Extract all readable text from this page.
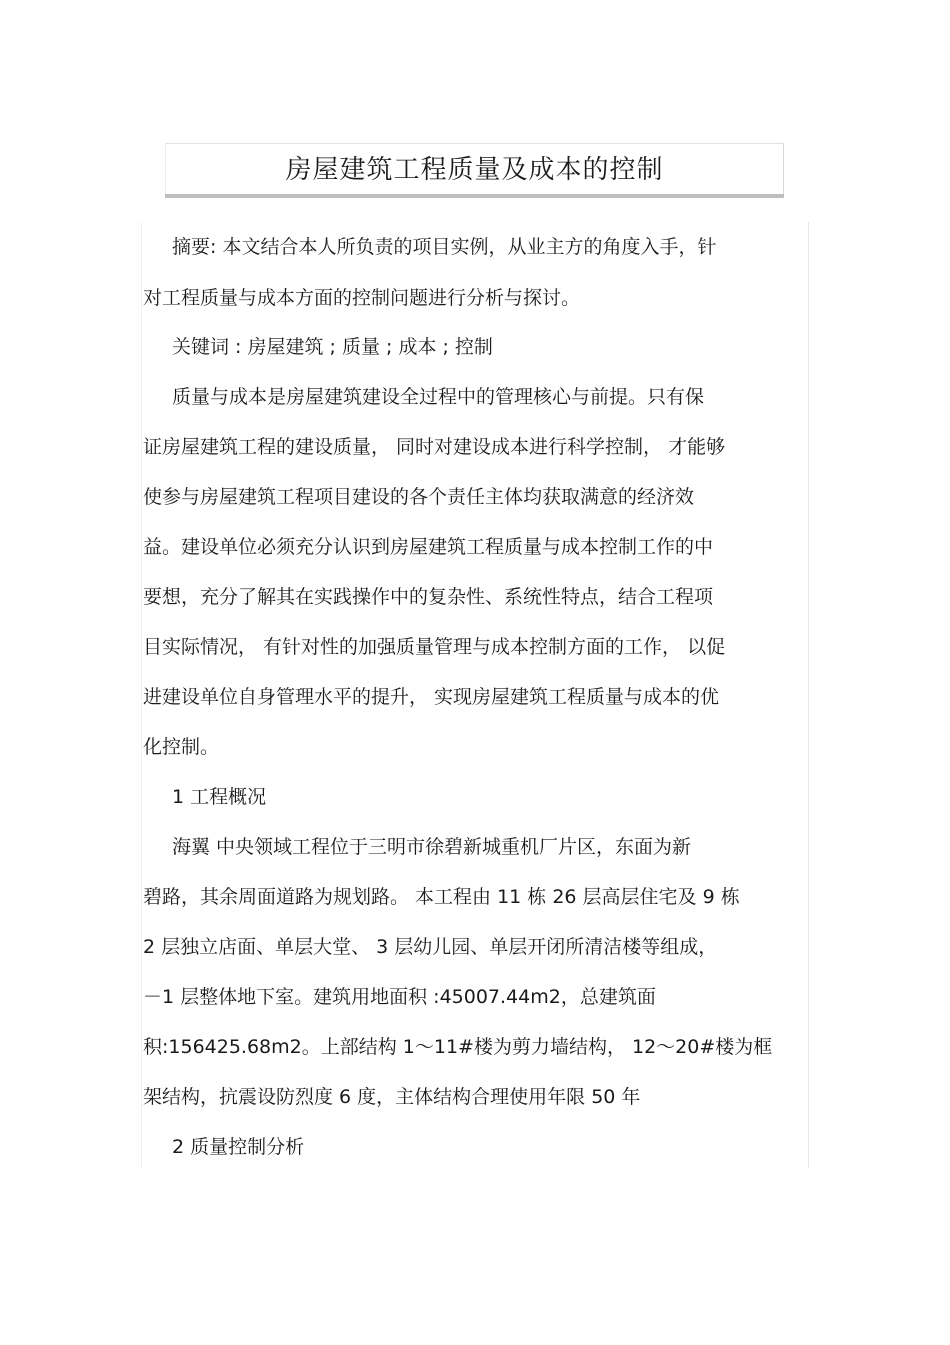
房屋建筑工程质量及成本的控制
摘要: 本文结合本人所负责的项目实例，从业主方的角度入手，针
对工程质量与成本方面的控制问题进行分析与探讨。
关键词 : 房屋建筑 ; 质量 ; 成本 ; 控制
质量与成本是房屋建筑建设全过程中的管理核心与前提。只有保
证房屋建筑工程的建设质量， 同时对建设成本进行科学控制， 才能够
使参与房屋建筑工程项目建设的各个责任主体均获取满意的经济效
益。建设单位必须充分认识到房屋建筑工程质量与成本控制工作的中
要想，充分了解其在实践操作中的复杂性、系统性特点，结合工程项
目实际情况， 有针对性的加强质量管理与成本控制方面的工作， 以促
进建设单位自身管理水平的提升， 实现房屋建筑工程质量与成本的优
化控制。
1 工程概况
海翼 中央领域工程位于三明市徐碧新城重机厂片区，东面为新
碧路，其余周面道路为规划路。 本工程由 11 栋 26 层高层住宅及 9 栋
2 层独立店面、单层大堂、 3 层幼儿园、单层开闭所清洁楼等组成，
－1 层整体地下室。建筑用地面积 :45007.44m2，总建筑面
积:156425.68m2。上部结构 1～11#楼为剪力墙结构， 12～20#楼为框
架结构，抗震设防烈度 6 度，主体结构合理使用年限 50 年
2 质量控制分析
